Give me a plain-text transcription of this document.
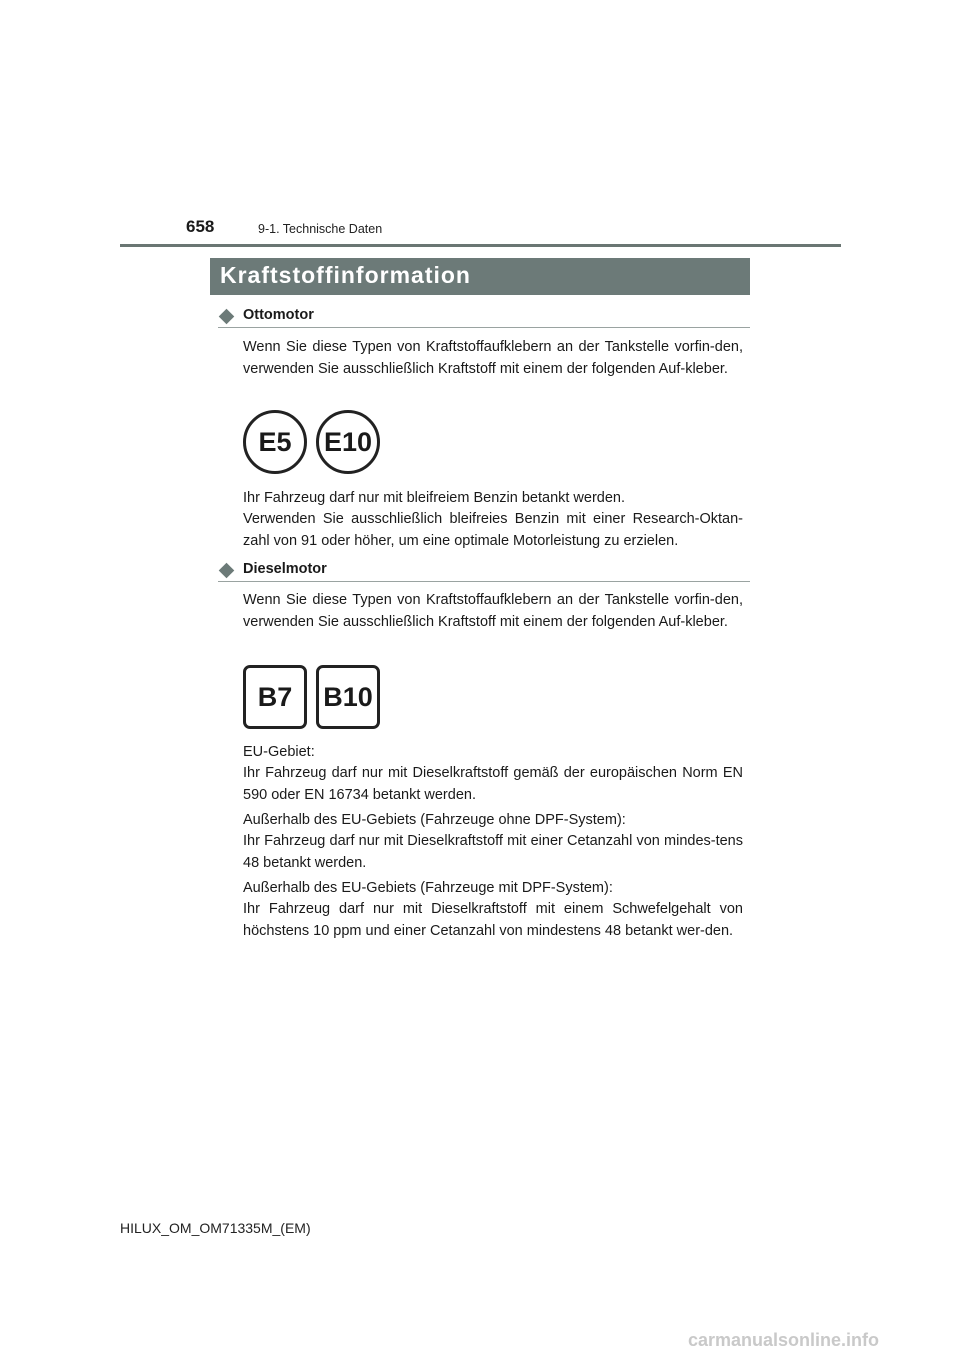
658	9-1. Technische Daten
Kraftstoffinformation
Ottomotor

Wenn Sie diese Typen von Kraftstoffaufklebern an der Tankstelle vorfin-den, verwenden Sie ausschließlich Kraftstoff mit einem der folgenden Auf-kleber.

E5	E10

Ihr Fahrzeug darf nur mit bleifreiem Benzin betankt werden.

Verwenden Sie ausschließlich bleifreies Benzin mit einer Research-Oktan-zahl von 91 oder höher, um eine optimale Motorleistung zu erzielen.

Dieselmotor

Wenn Sie diese Typen von Kraftstoffaufklebern an der Tankstelle vorfin-den, verwenden Sie ausschließlich Kraftstoff mit einem der folgenden Auf-kleber.

B7	B10

EU-Gebiet:

Ihr Fahrzeug darf nur mit Dieselkraftstoff gemäß der europäischen Norm EN 590 oder EN 16734 betankt werden.

Außerhalb des EU-Gebiets (Fahrzeuge ohne DPF-System):

Ihr Fahrzeug darf nur mit Dieselkraftstoff mit einer Cetanzahl von mindes-tens 48 betankt werden.

Außerhalb des EU-Gebiets (Fahrzeuge mit DPF-System):

Ihr Fahrzeug darf nur mit Dieselkraftstoff mit einem Schwefelgehalt von höchstens 10 ppm und einer Cetanzahl von mindestens 48 betankt wer-den.

HILUX_OM_OM71335M_(EM)
carmanualsonline.info
